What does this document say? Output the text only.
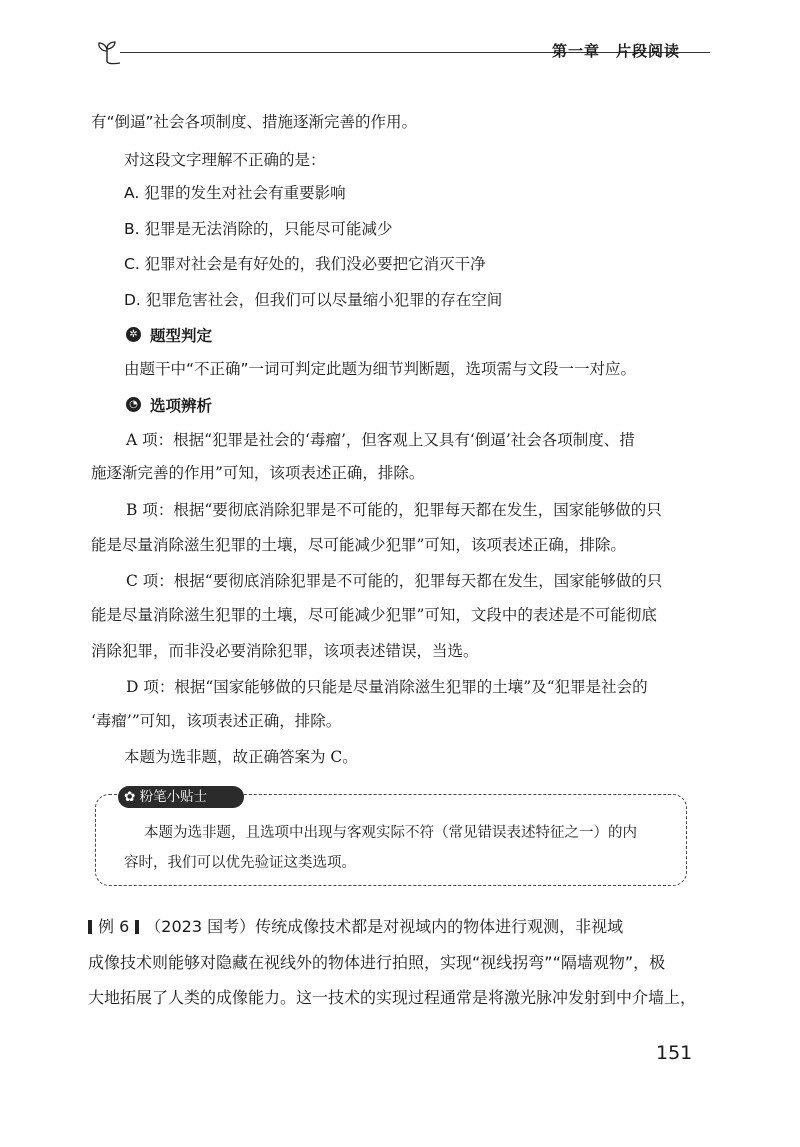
第一章　片段阅读
有“倒逼”社会各项制度、措施逐渐完善的作用。
对这段文字理解不正确的是：
A. 犯罪的发生对社会有重要影响
B. 犯罪是无法消除的，只能尽可能减少
C. 犯罪对社会是有好处的，我们没必要把它消灭干净
D. 犯罪危害社会，但我们可以尽量缩小犯罪的存在空间
✲ 题型判定
由题干中“不正确”一词可判定此题为细节判断题，选项需与文段一一对应。
◔ 选项辨析
A 项：根据“犯罪是社会的‘毒瘤’，但客观上又具有‘倒逼’社会各项制度、措
施逐渐完善的作用”可知，该项表述正确，排除。
B 项：根据“要彻底消除犯罪是不可能的，犯罪每天都在发生，国家能够做的只
能是尽量消除滋生犯罪的土壤，尽可能减少犯罪”可知，该项表述正确，排除。
C 项：根据“要彻底消除犯罪是不可能的，犯罪每天都在发生，国家能够做的只
能是尽量消除滋生犯罪的土壤，尽可能减少犯罪”可知，文段中的表述是不可能彻底
消除犯罪，而非没必要消除犯罪，该项表述错误，当选。
D 项：根据“国家能够做的只能是尽量消除滋生犯罪的土壤”及“犯罪是社会的
‘毒瘤’”可知，该项表述正确，排除。
本题为选非题，故正确答案为 C。
✿ 粉笔小贴士
本题为选非题，且选项中出现与客观实际不符（常见错误表述特征之一）的内
容时，我们可以优先验证这类选项。
例 6 （2023 国考）传统成像技术都是对视域内的物体进行观测，非视域
成像技术则能够对隐藏在视线外的物体进行拍照，实现“视线拐弯”“隔墙观物”，极
大地拓展了人类的成像能力。这一技术的实现过程通常是将激光脉冲发射到中介墙上，
151
